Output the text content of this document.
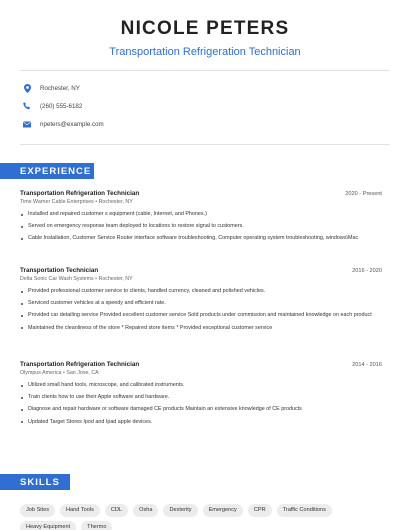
NICOLE PETERS
Transportation Refrigeration Technician
Rochester, NY
(260) 555-6182
npeters@example.com
EXPERIENCE
Transportation Refrigeration Technician	2020 - Present
Time Warner Cable Enterprises • Rochester, NY
Installed and repaired customer s equipment (cable, Internet, and Phones.)
Served on emergency response team deployed to locations to restore signal to customers.
Cable Installation, Customer Service Router interface software troubleshooting, Computer operating system troubleshooting, windows\Mac
Transportation Technician	2016 - 2020
Delta Sonic Car Wash Systems • Rochester, NY
Provided professional customer service to clients, handled currency, cleaned and polished vehicles.
Serviced customer vehicles at a speedy and efficient rate.
Provided car detailing service Provided excellent customer service Sold products under commission and maintained knowledge on each product
Maintained the cleanliness of the store * Repaired store items * Provided exceptional customer service
Transportation Refrigeration Technician	2014 - 2016
Olympus America • San Jose, CA
Utilized small hand tools, microscope, and calibrated instruments.
Train clients how to use their Apple software and hardware.
Diagnose and repair hardware or software damaged CE products Maintain an extensive knowledge of CE products
Updated Target Stores Ipod and Ipad apple devices.
SKILLS
Job Sites	Hand Tools	CDL	Osha	Dexterity	Emergency	CPR	Traffic Conditions
Heavy Equipment	Thermo
